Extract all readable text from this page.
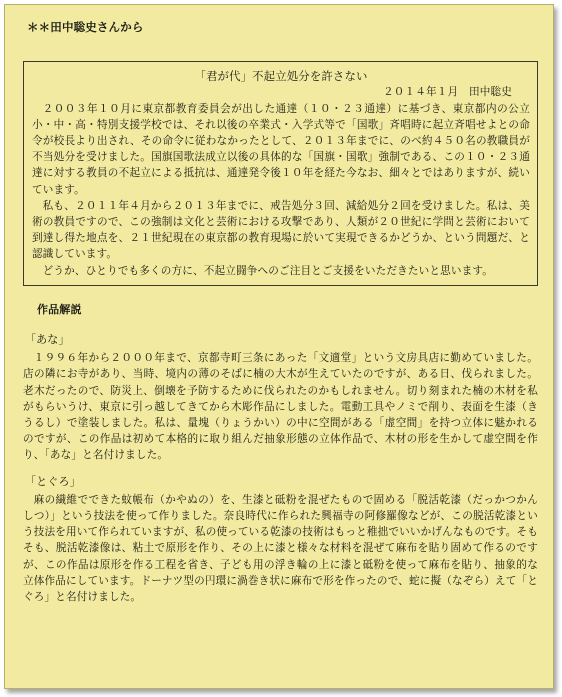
＊＊田中聡史さんから
「君が代」不起立処分を許さない
２０１４年１月　田中聡史

２００３年１０月に東京都教育委員会が出した通達（１０・２３通達）に基づき、東京都内の公立小・中・高・特別支援学校では、それ以後の卒業式・入学式等で「国歌」斉唱時に起立斉唱せよとの命令が校長より出され、その命令に従わなかったとして、２０１３年までに、のべ約４５０名の教職員が不当処分を受けました。国旗国歌法成立以後の具体的な「国旗・国歌」強制である、この１０・２３通達に対する教員の不起立による抵抗は、通達発令後１０年を経た今なお、細々とではありますが、続いています。

私も、２０１１年４月から２０１３年までに、戒告処分３回、減給処分２回を受けました。私は、美術の教員ですので、この強制は文化と芸術における攻撃であり、人類が２０世紀に学問と芸術において到達し得た地点を、２１世紀現在の東京都の教育現場に於いて実現できるかどうか、という問題だ、と認識しています。

どうか、ひとりでも多くの方に、不起立闘争へのご注目とご支援をいただきたいと思います。

作品解説
「あな」

１９９６年から２０００年まで、京都寺町三条にあった「文適堂」という文房具店に勤めていました。店の隣にお寺があり、当時、境内の薄のそばに楠の大木が生えていたのですが、ある日、伐られました。老木だったので、防災上、倒壊を予防するために伐られたのかもしれません。切り刻まれた楠の木材を私がもらいうけ、東京に引っ越してきてから木彫作品にしました。電動工具やノミで削り、表面を生漆（きうるし）で塗装しました。私は、量塊（りょうかい）の中に空間がある「虚空間」を持つ立体に魅かれるのですが、この作品は初めて本格的に取り組んだ抽象形態の立体作品で、木材の形を生かして虚空間を作り、「あな」と名付けました。

「とぐろ」

麻の繊維でできた蚊帳布（かやぬの）を、生漆と砥粉を混ぜたもので固める「脱活乾漆（だっかつかんしつ）」という技法を使って作りました。奈良時代に作られた興福寺の阿修羅像などが、この脱活乾漆という技法を用いて作られていますが、私の使っている乾漆の技術はもっと稚拙でいいかげんなものです。そもそも、脱活乾漆像は、粘土で原形を作り、その上に漆と様々な材料を混ぜて麻布を貼り固めて作るのですが、この作品は原形を作る工程を省き、子ども用の浮き輪の上に漆と砥粉を使って麻布を貼り、抽象的な立体作品にしています。ドーナツ型の円環に渦巻き状に麻布で形を作ったので、蛇に擬（なぞら）えて「とぐろ」と名付けました。
